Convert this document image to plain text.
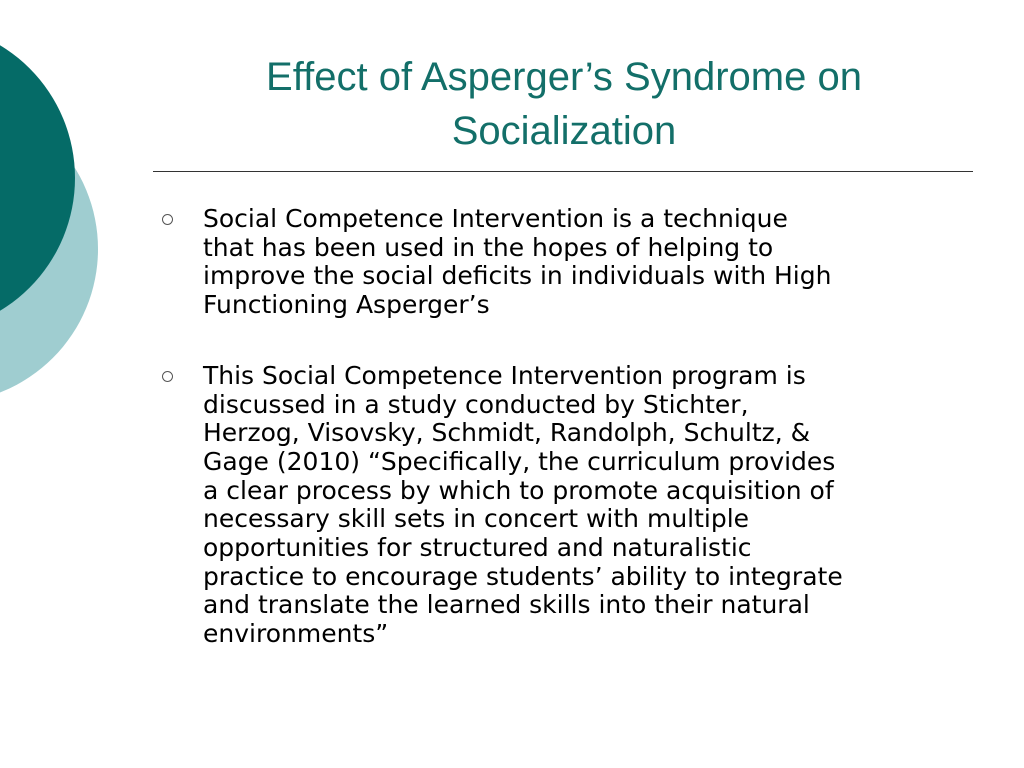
Effect of Asperger’s Syndrome on
Socialization
Social Competence Intervention is a technique
that has been used in the hopes of helping to
improve the social deficits in individuals with High
Functioning Asperger’s
This Social Competence Intervention program is
discussed in a study conducted by Stichter,
Herzog, Visovsky, Schmidt, Randolph, Schultz, &
Gage (2010) “Specifically, the curriculum provides
a clear process by which to promote acquisition of
necessary skill sets in concert with multiple
opportunities for structured and naturalistic
practice to encourage students’ ability to integrate
and translate the learned skills into their natural
environments”
